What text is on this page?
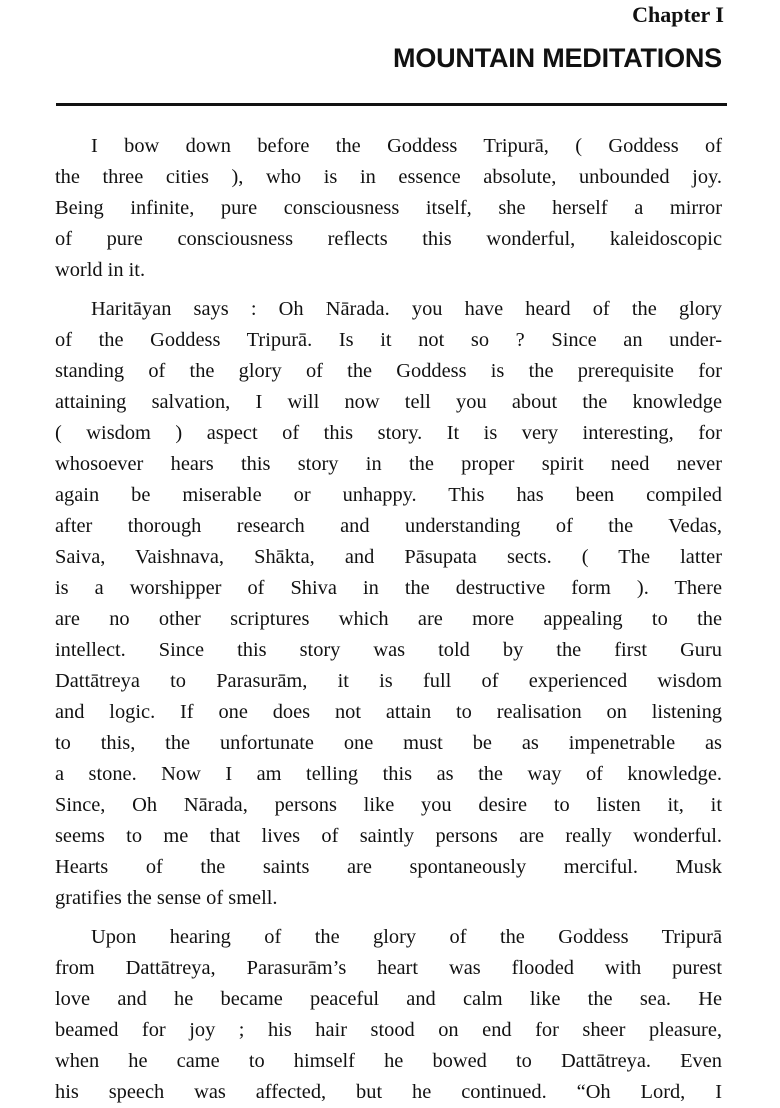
Chapter I
MOUNTAIN MEDITATIONS

I bow down before the Goddess Tripurā, ( Goddess of
the three cities ), who is in essence absolute, unbounded joy.
Being infinite, pure consciousness itself, she herself a mirror
of pure consciousness reflects this wonderful, kaleidoscopic
world in it.

Haritāyan says : Oh Nārada. you have heard of the glory
of the Goddess Tripurā. Is it not so ? Since an under-
standing of the glory of the Goddess is the prerequisite for
attaining salvation, I will now tell you about the knowledge
( wisdom ) aspect of this story. It is very interesting, for
whosoever hears this story in the proper spirit need never
again be miserable or unhappy. This has been compiled
after thorough research and understanding of the Vedas,
Saiva, Vaishnava, Shākta, and Pāsupata sects. ( The latter
is a worshipper of Shiva in the destructive form ). There
are no other scriptures which are more appealing to the
intellect. Since this story was told by the first Guru
Dattātreya to Parasurām, it is full of experienced wisdom
and logic. If one does not attain to realisation on listening
to this, the unfortunate one must be as impenetrable as
a stone. Now I am telling this as the way of knowledge.
Since, Oh Nārada, persons like you desire to listen it, it
seems to me that lives of saintly persons are really wonderful.
Hearts of the saints are spontaneously merciful. Musk
gratifies the sense of smell.

Upon hearing of the glory of the Goddess Tripurā
from Dattātreya, Parasurām’s heart was flooded with purest
love and he became peaceful and calm like the sea. He
beamed for joy ; his hair stood on end for sheer pleasure,
when he came to himself he bowed to Dattātreya. Even
his speech was affected, but he continued. “Oh Lord, I
